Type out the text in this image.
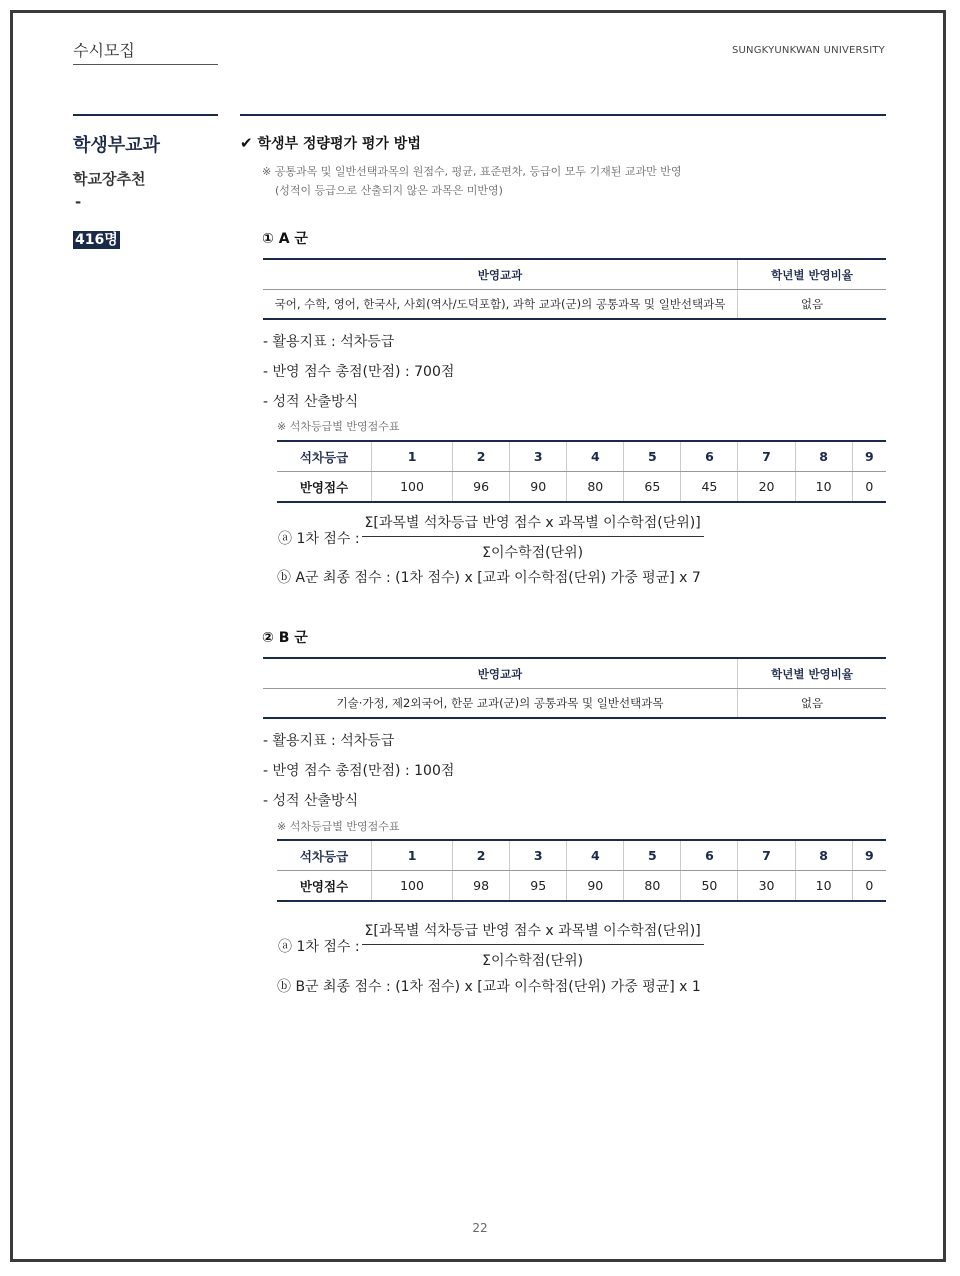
수시모집	SUNGKYUNKWAN UNIVERSITY
학생부교과
학교장추천
-
416명
✔ 학생부 정량평가 평가 방법
※ 공통과목 및 일반선택과목의 원점수, 평균, 표준편차, 등급이 모두 기재된 교과만 반영
(성적이 등급으로 산출되지 않은 과목은 미반영)
① A 군
반영교과	학년별 반영비율
국어, 수학, 영어, 한국사, 사회(역사/도덕포함), 과학 교과(군)의 공통과목 및 일반선택과목	없음
- 활용지표 : 석차등급
- 반영 점수 총점(만점) : 700점
- 성적 산출방식
※ 석차등급별 반영점수표
석차등급	1	2	3	4	5	6	7	8	9
반영점수	100	96	90	80	65	45	20	10	0
ⓐ 1차 점수 :	Σ[과목별 석차등급 반영 점수 x 과목별 이수학점(단위)]
Σ이수학점(단위)
ⓑ A군 최종 점수 : (1차 점수) x [교과 이수학점(단위) 가중 평균] x 7
② B 군
반영교과	학년별 반영비율
기술·가정, 제2외국어, 한문 교과(군)의 공통과목 및 일반선택과목	없음
- 활용지표 : 석차등급
- 반영 점수 총점(만점) : 100점
- 성적 산출방식
※ 석차등급별 반영점수표
석차등급	1	2	3	4	5	6	7	8	9
반영점수	100	98	95	90	80	50	30	10	0
ⓐ 1차 점수 :	Σ[과목별 석차등급 반영 점수 x 과목별 이수학점(단위)]
Σ이수학점(단위)
ⓑ B군 최종 점수 : (1차 점수) x [교과 이수학점(단위) 가중 평균] x 1
22
